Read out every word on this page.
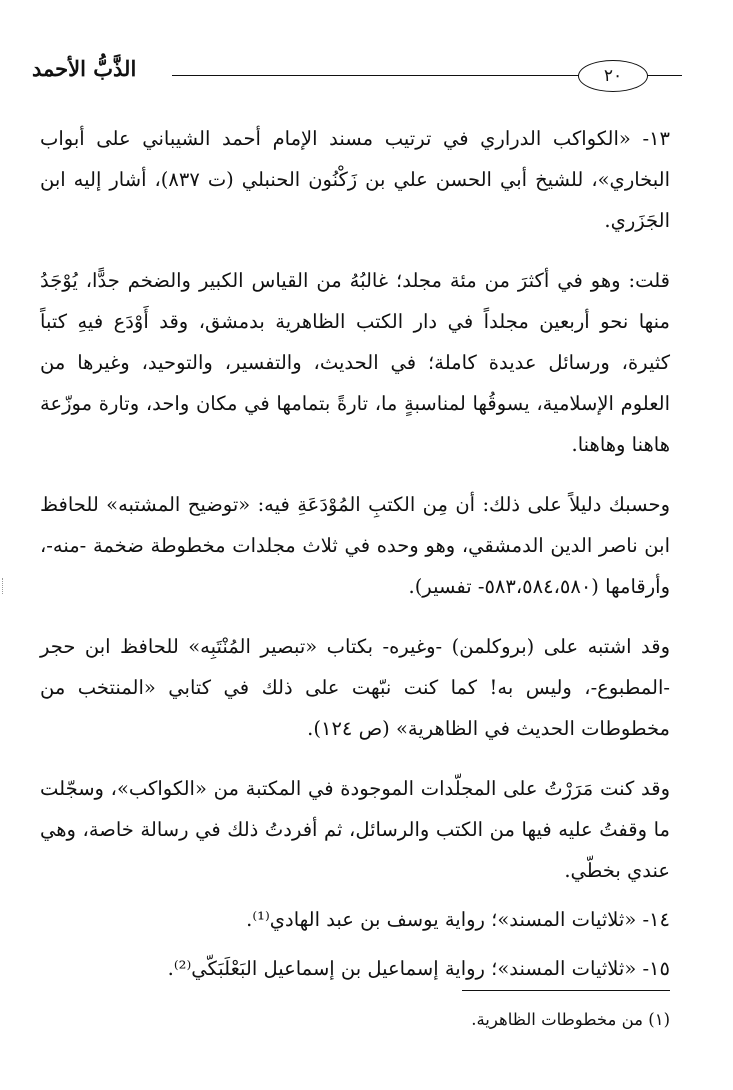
٢٠
الذَّبُّ الأحمد

١٣- «الكواكب الدراري في ترتيب مسند الإمام أحمد الشيباني على أبواب البخاري»، للشيخ أبي الحسن علي بن زَكْنُون الحنبلي (ت ٨٣٧)، أشار إليه ابن الجَزَري.

قلت: وهو في أكثرَ من مئة مجلد؛ غالبُهُ من القياس الكبير والضخم جدًّا، يُوْجَدُ منها نحو أربعين مجلداً في دار الكتب الظاهرية بدمشق، وقد أَوْدَع فيهِ كتباً كثيرة، ورسائل عديدة كاملة؛ في الحديث، والتفسير، والتوحيد، وغيرها من العلوم الإسلامية، يسوقُها لمناسبةٍ ما، تارةً بتمامها في مكان واحد، وتارة موزّعة هاهنا وهاهنا.

وحسبك دليلاً على ذلك: أن مِن الكتبِ المُوْدَعَةِ فيه: «توضيح المشتبه» للحافظ ابن ناصر الدين الدمشقي، وهو وحده في ثلاث مجلدات مخطوطة ضخمة -منه-، وأرقامها (٥٨٣،٥٨٤،٥٨٠- تفسير).

وقد اشتبه على (بروكلمن) -وغيره- بكتاب «تبصير المُنْتَبِه» للحافظ ابن حجر -المطبوع-، وليس به! كما كنت نبّهت على ذلك في كتابي «المنتخب من مخطوطات الحديث في الظاهرية» (ص ١٢٤).

وقد كنت مَرَرْتُ على المجلّدات الموجودة في المكتبة من «الكواكب»، وسجّلت ما وقفتُ عليه فيها من الكتب والرسائل، ثم أفردتُ ذلك في رسالة خاصة، وهي عندي بخطّي.

١٤- «ثلاثيات المسند»؛ رواية يوسف بن عبد الهادي⁽¹⁾.

١٥- «ثلاثيات المسند»؛ رواية إسماعيل بن إسماعيل البَعْلَبَكّي⁽²⁾.

(١) من مخطوطات الظاهرية.
